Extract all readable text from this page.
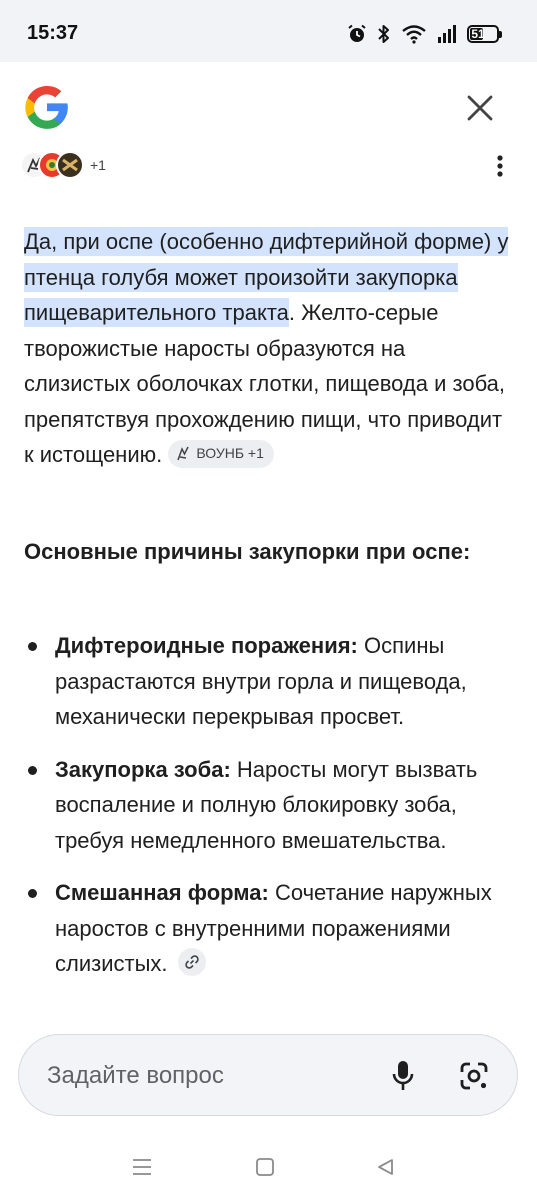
15:37	51
+1
Да, при оспе (особенно дифтерийной форме) у птенца голубя может произойти закупорка пищеварительного тракта. Желто-серые творожистые наросты образуются на слизистых оболочках глотки, пищевода и зоба, препятствуя прохождению пищи, что приводит к истощению. ВОУНБ +1
Основные причины закупорки при оспе:
Дифтероидные поражения: Оспины разрастаются внутри горла и пищевода, механически перекрывая просвет.
Закупорка зоба: Наросты могут вызвать воспаление и полную блокировку зоба, требуя немедленного вмешательства.
Смешанная форма: Сочетание наружных наростов с внутренними поражениями слизистых.
Задайте вопрос
